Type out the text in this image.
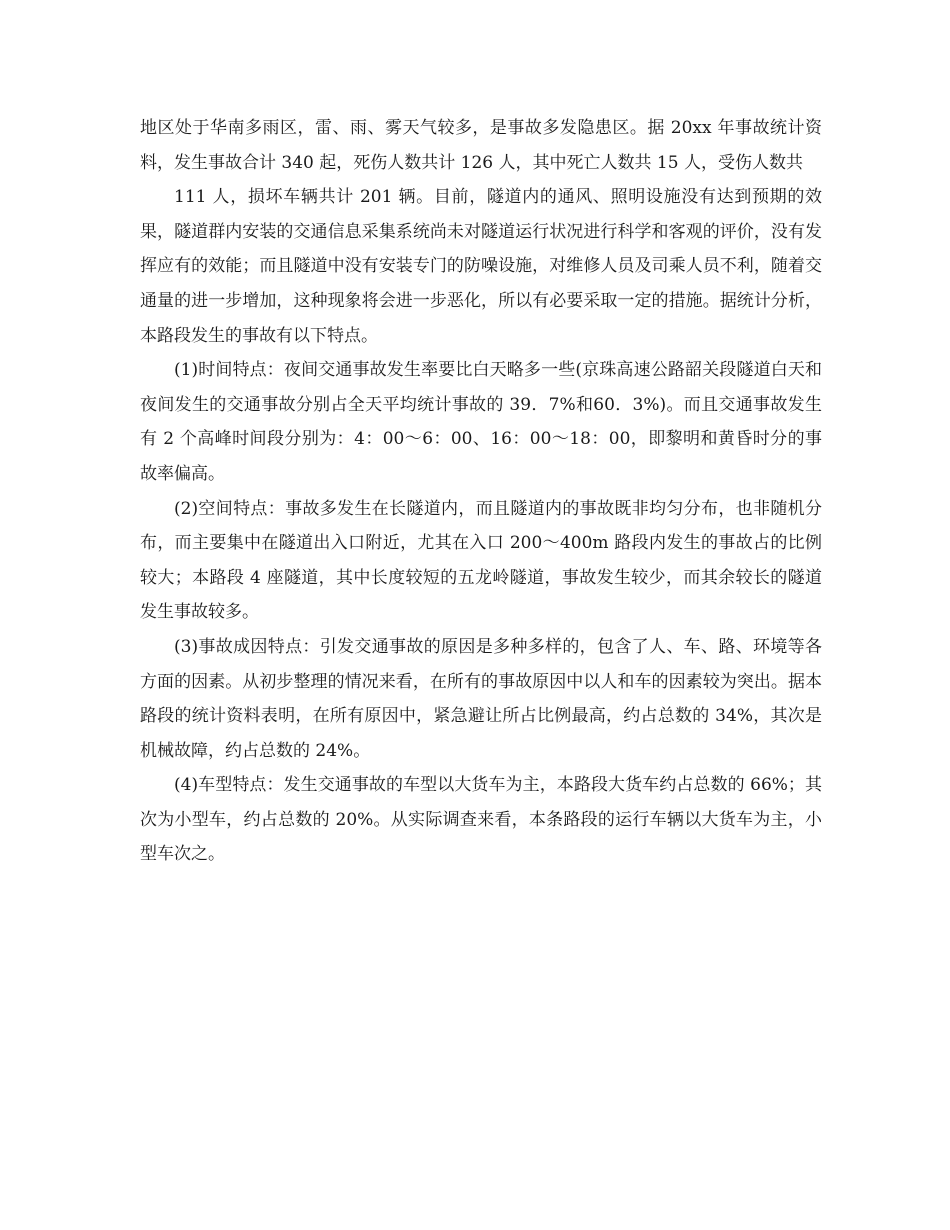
地区处于华南多雨区，雷、雨、雾天气较多，是事故多发隐患区。据 20xx 年事故统计资料，发生事故合计 340 起，死伤人数共计 126 人，其中死亡人数共 15 人，受伤人数共

111 人，损坏车辆共计 201 辆。目前，隧道内的通风、照明设施没有达到预期的效果，隧道群内安装的交通信息采集系统尚未对隧道运行状况进行科学和客观的评价，没有发挥应有的效能；而且隧道中没有安装专门的防噪设施，对维修人员及司乘人员不利，随着交通量的进一步增加，这种现象将会进一步恶化，所以有必要采取一定的措施。据统计分析，本路段发生的事故有以下特点。

(1)时间特点：夜间交通事故发生率要比白天略多一些(京珠高速公路韶关段隧道白天和夜间发生的交通事故分别占全天平均统计事故的 39．7%和60．3%)。而且交通事故发生有 2 个高峰时间段分别为：4：00～6：00、16：00～18：00，即黎明和黄昏时分的事故率偏高。

(2)空间特点：事故多发生在长隧道内，而且隧道内的事故既非均匀分布，也非随机分布，而主要集中在隧道出入口附近，尤其在入口 200～400m 路段内发生的事故占的比例较大；本路段 4 座隧道，其中长度较短的五龙岭隧道，事故发生较少，而其余较长的隧道发生事故较多。

(3)事故成因特点：引发交通事故的原因是多种多样的，包含了人、车、路、环境等各方面的因素。从初步整理的情况来看，在所有的事故原因中以人和车的因素较为突出。据本路段的统计资料表明，在所有原因中，紧急避让所占比例最高，约占总数的 34%，其次是机械故障，约占总数的 24%。

(4)车型特点：发生交通事故的车型以大货车为主，本路段大货车约占总数的 66%；其次为小型车，约占总数的 20%。从实际调查来看，本条路段的运行车辆以大货车为主，小型车次之。
